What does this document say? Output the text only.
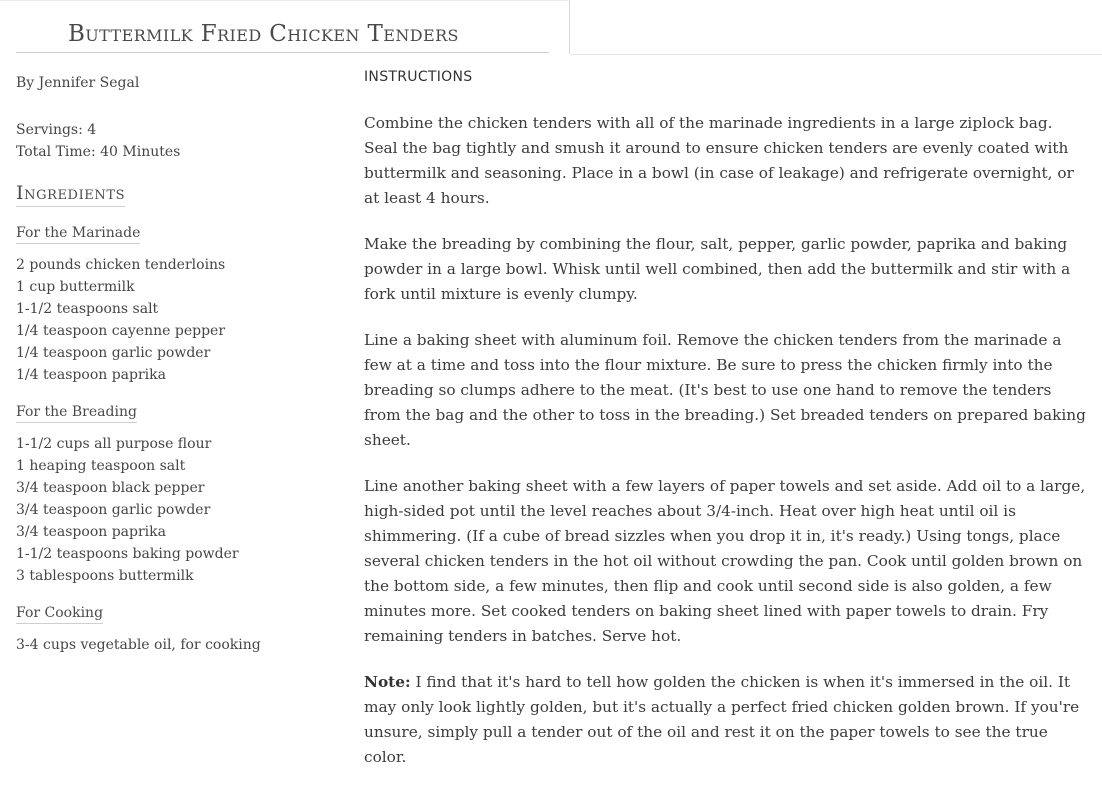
Buttermilk Fried Chicken Tenders

By Jennifer Segal

Servings: 4

Total Time: 40 Minutes

Ingredients
For the Marinade
2 pounds chicken tenderloins
1 cup buttermilk
1-1/2 teaspoons salt
1/4 teaspoon cayenne pepper
1/4 teaspoon garlic powder
1/4 teaspoon paprika
For the Breading
1-1/2 cups all purpose flour
1 heaping teaspoon salt
3/4 teaspoon black pepper
3/4 teaspoon garlic powder
3/4 teaspoon paprika
1-1/2 teaspoons baking powder
3 tablespoons buttermilk
For Cooking
3-4 cups vegetable oil, for cooking
INSTRUCTIONS

Combine the chicken tenders with all of the marinade ingredients in a large ziplock bag. Seal the bag tightly and smush it around to ensure chicken tenders are evenly coated with buttermilk and seasoning. Place in a bowl (in case of leakage) and refrigerate overnight, or at least 4 hours.

Make the breading by combining the flour, salt, pepper, garlic powder, paprika and baking powder in a large bowl. Whisk until well combined, then add the buttermilk and stir with a fork until mixture is evenly clumpy.

Line a baking sheet with aluminum foil. Remove the chicken tenders from the marinade a few at a time and toss into the flour mixture. Be sure to press the chicken firmly into the breading so clumps adhere to the meat. (It's best to use one hand to remove the tenders from the bag and the other to toss in the breading.) Set breaded tenders on prepared baking sheet.

Line another baking sheet with a few layers of paper towels and set aside. Add oil to a large, high-sided pot until the level reaches about 3/4-inch. Heat over high heat until oil is shimmering. (If a cube of bread sizzles when you drop it in, it's ready.) Using tongs, place several chicken tenders in the hot oil without crowding the pan. Cook until golden brown on the bottom side, a few minutes, then flip and cook until second side is also golden, a few minutes more. Set cooked tenders on baking sheet lined with paper towels to drain. Fry remaining tenders in batches. Serve hot.

Note: I find that it's hard to tell how golden the chicken is when it's immersed in the oil. It may only look lightly golden, but it's actually a perfect fried chicken golden brown. If you're unsure, simply pull a tender out of the oil and rest it on the paper towels to see the true color.
